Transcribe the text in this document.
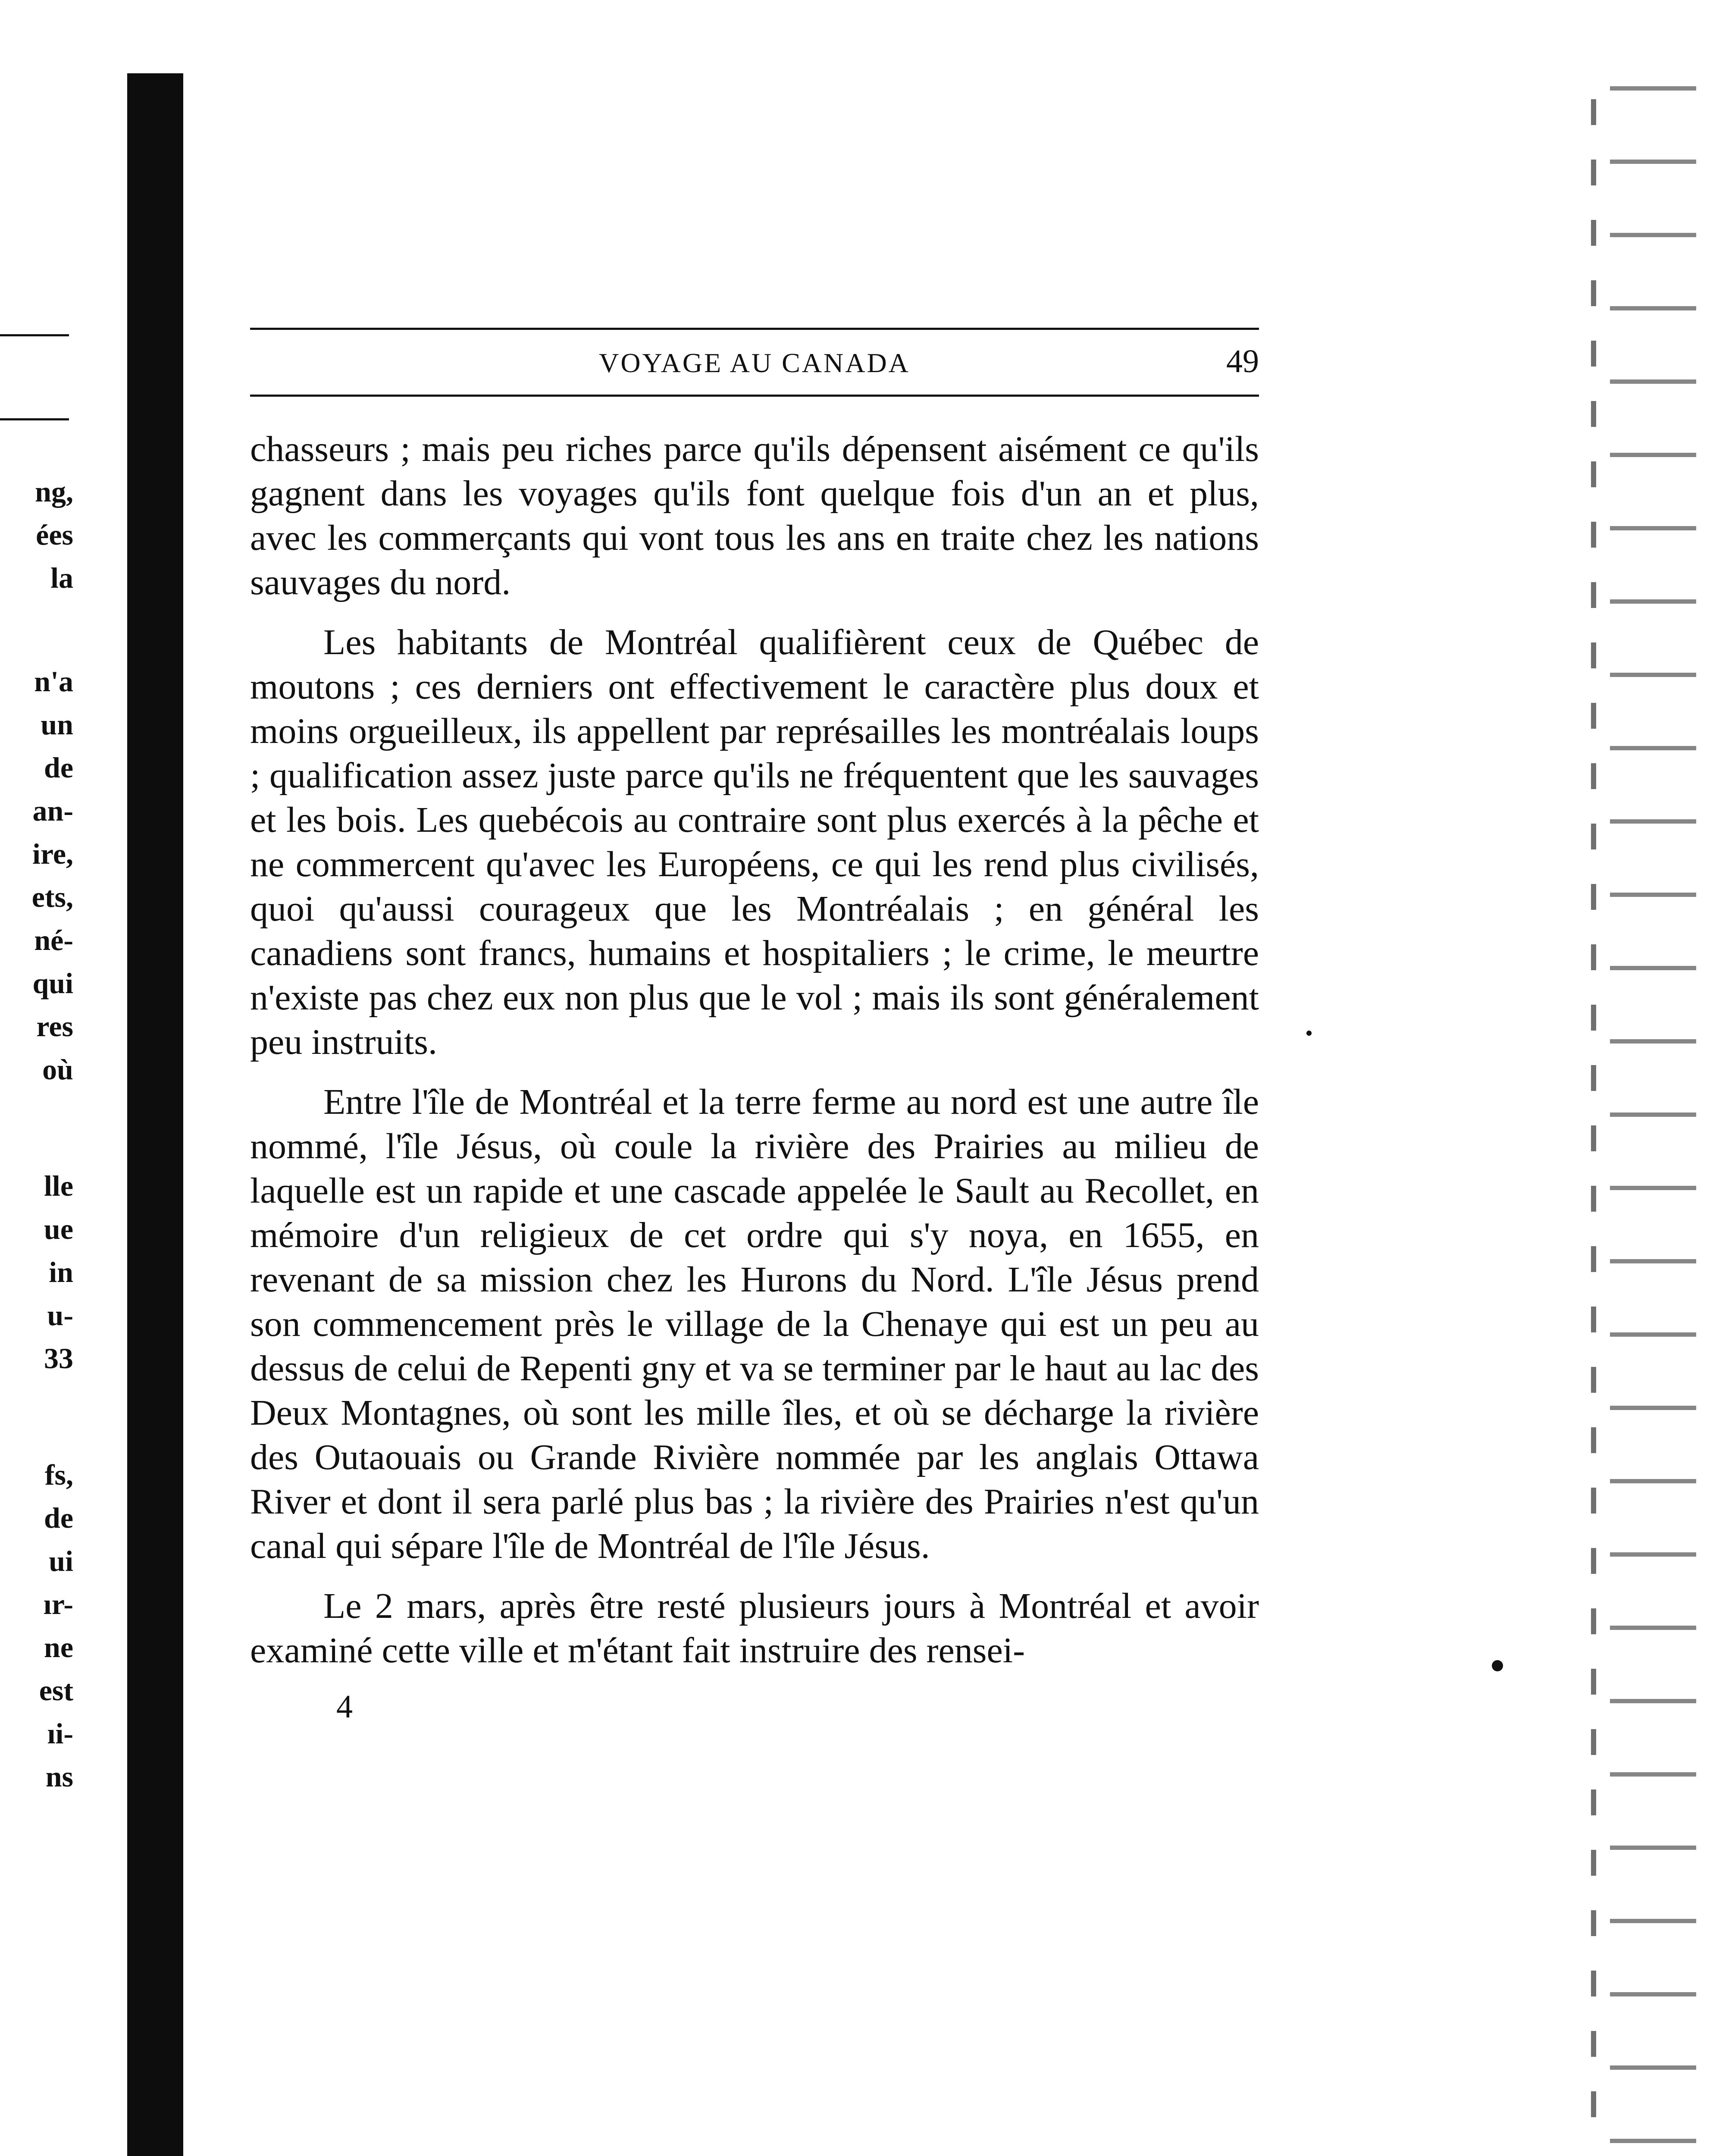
ng,
ées
la
n'a
un
de
an-
ire,
ets,
né-
qui
res
où
lle
ue
in
u-
33
fs,
de
ui
ır-
ne
est
ıi-
ns
VOYAGE AU CANADA	49

chasseurs ; mais peu riches parce qu'ils dépensent aisément ce qu'ils gagnent dans les voyages qu'ils font quelque fois d'un an et plus, avec les commerçants qui vont tous les ans en traite chez les nations sauvages du nord.

Les habitants de Montréal qualifièrent ceux de Québec de moutons ; ces derniers ont effectivement le caractère plus doux et moins orgueilleux, ils appellent par représailles les montréalais loups ; qualification assez juste parce qu'ils ne fréquentent que les sauvages et les bois. Les quebécois au contraire sont plus exercés à la pêche et ne commercent qu'avec les Européens, ce qui les rend plus civilisés, quoi qu'aussi courageux que les Montréalais ; en général les canadiens sont francs, humains et hospitaliers ; le crime, le meurtre n'existe pas chez eux non plus que le vol ; mais ils sont généralement peu instruits.

Entre l'île de Montréal et la terre ferme au nord est une autre île nommé, l'île Jésus, où coule la rivière des Prairies au milieu de laquelle est un rapide et une cascade appelée le Sault au Recollet, en mémoire d'un religieux de cet ordre qui s'y noya, en 1655, en revenant de sa mission chez les Hurons du Nord. L'île Jésus prend son commencement près le village de la Chenaye qui est un peu au dessus de celui de Repenti gny et va se terminer par le haut au lac des Deux Montagnes, où sont les mille îles, et où se décharge la rivière des Outaouais ou Grande Rivière nommée par les anglais Ottawa River et dont il sera parlé plus bas ; la rivière des Prairies n'est qu'un canal qui sépare l'île de Montréal de l'île Jésus.

Le 2 mars, après être resté plusieurs jours à Montréal et avoir examiné cette ville et m'étant fait instruire des rensei-

4
